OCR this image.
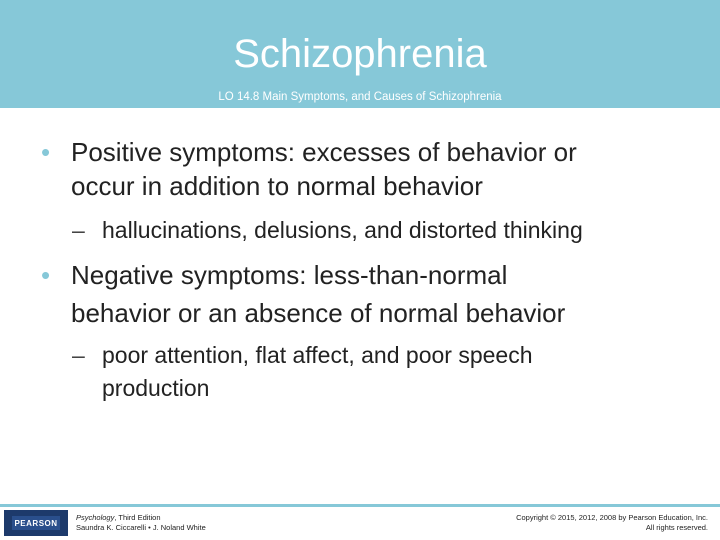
Schizophrenia
LO 14.8 Main Symptoms, and Causes of Schizophrenia
• Positive symptoms: excesses of behavior or
occur in addition to normal behavior
– hallucinations, delusions, and distorted thinking
• Negative symptoms: less-than-normal
behavior or an absence of normal behavior
– poor attention, flat affect, and poor speech
production
PEARSON
Psychology, Third Edition
Saundra K. Ciccarelli • J. Noland White
Copyright © 2015, 2012, 2008 by Pearson Education, Inc.
All rights reserved.
